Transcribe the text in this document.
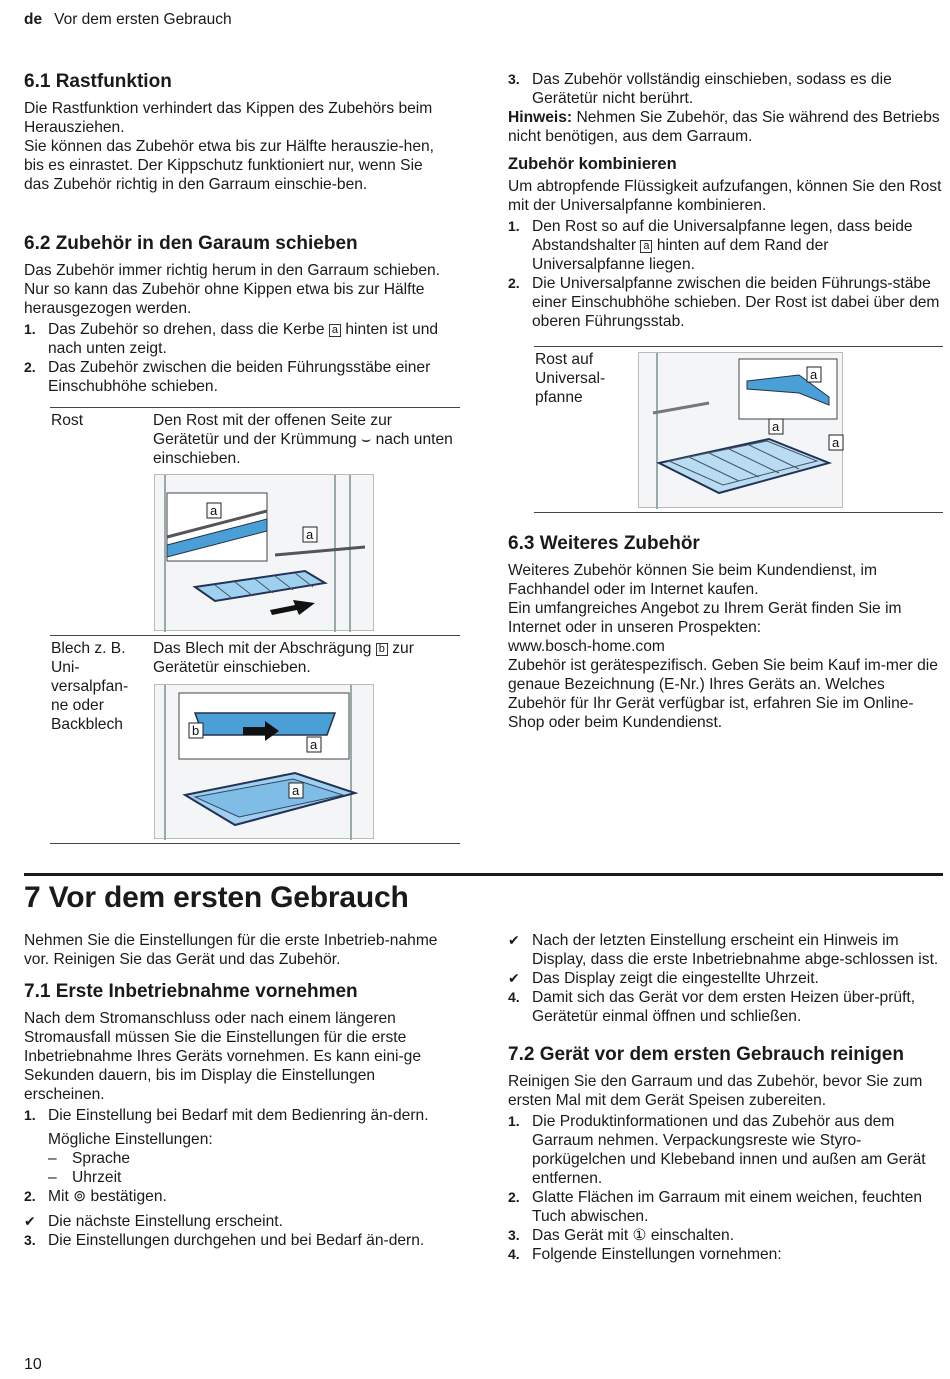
de Vor dem ersten Gebrauch
6.1 Rastfunktion

Die Rastfunktion verhindert das Kippen des Zubehörs beim Herausziehen.

Sie können das Zubehör etwa bis zur Hälfte herauszie-hen, bis es einrastet. Der Kippschutz funktioniert nur, wenn Sie das Zubehör richtig in den Garraum einschie-ben.

6.2 Zubehör in den Garaum schieben

Das Zubehör immer richtig herum in den Garraum schieben. Nur so kann das Zubehör ohne Kippen etwa bis zur Hälfte herausgezogen werden.

1. Das Zubehör so drehen, dass die Kerbe a hinten ist und nach unten zeigt.
2. Das Zubehör zwischen die beiden Führungsstäbe einer Einschubhöhe schieben.
Rost	Den Rost mit der offenen Seite zur Gerätetür und der Krümmung ⌣ nach unten einschieben.
a
a
Blech z. B. Uni-versalpfan-ne oder Backblech
Das Blech mit der Abschrägung b zur Gerätetür einschieben.
b
a
a
3. Das Zubehör vollständig einschieben, sodass es die Gerätetür nicht berührt.

Hinweis: Nehmen Sie Zubehör, das Sie während des Betriebs nicht benötigen, aus dem Garraum.

Zubehör kombinieren

Um abtropfende Flüssigkeit aufzufangen, können Sie den Rost mit der Universalpfanne kombinieren.

1. Den Rost so auf die Universalpfanne legen, dass beide Abstandshalter a hinten auf dem Rand der Universalpfanne liegen.
2. Die Universalpfanne zwischen die beiden Führungs-stäbe einer Einschubhöhe schieben. Der Rost ist dabei über dem oberen Führungsstab.
Rost auf Universal-pfanne
a
a
a
6.3 Weiteres Zubehör

Weiteres Zubehör können Sie beim Kundendienst, im Fachhandel oder im Internet kaufen.

Ein umfangreiches Angebot zu Ihrem Gerät finden Sie im Internet oder in unseren Prospekten:

www.bosch-home.com

Zubehör ist gerätespezifisch. Geben Sie beim Kauf im-mer die genaue Bezeichnung (E-Nr.) Ihres Geräts an. Welches Zubehör für Ihr Gerät verfügbar ist, erfahren Sie im Online-Shop oder beim Kundendienst.

7 Vor dem ersten Gebrauch

Nehmen Sie die Einstellungen für die erste Inbetrieb-nahme vor. Reinigen Sie das Gerät und das Zubehör.

7.1 Erste Inbetriebnahme vornehmen

Nach dem Stromanschluss oder nach einem längeren Stromausfall müssen Sie die Einstellungen für die erste Inbetriebnahme Ihres Geräts vornehmen. Es kann eini-ge Sekunden dauern, bis im Display die Einstellungen erscheinen.

1. Die Einstellung bei Bedarf mit dem Bedienring än-dern.

Mögliche Einstellungen:

– Sprache
– Uhrzeit
2. Mit ⊚ bestätigen.
✔ Die nächste Einstellung erscheint.
3. Die Einstellungen durchgehen und bei Bedarf än-dern.
✔ Nach der letzten Einstellung erscheint ein Hinweis im Display, dass die erste Inbetriebnahme abge-schlossen ist.
✔ Das Display zeigt die eingestellte Uhrzeit.
4. Damit sich das Gerät vor dem ersten Heizen über-prüft, Gerätetür einmal öffnen und schließen.
7.2 Gerät vor dem ersten Gebrauch reinigen

Reinigen Sie den Garraum und das Zubehör, bevor Sie zum ersten Mal mit dem Gerät Speisen zubereiten.

1. Die Produktinformationen und das Zubehör aus dem Garraum nehmen. Verpackungsreste wie Styro-porkügelchen und Klebeband innen und außen am Gerät entfernen.
2. Glatte Flächen im Garraum mit einem weichen, feuchten Tuch abwischen.
3. Das Gerät mit ① einschalten.
4. Folgende Einstellungen vornehmen:
10
